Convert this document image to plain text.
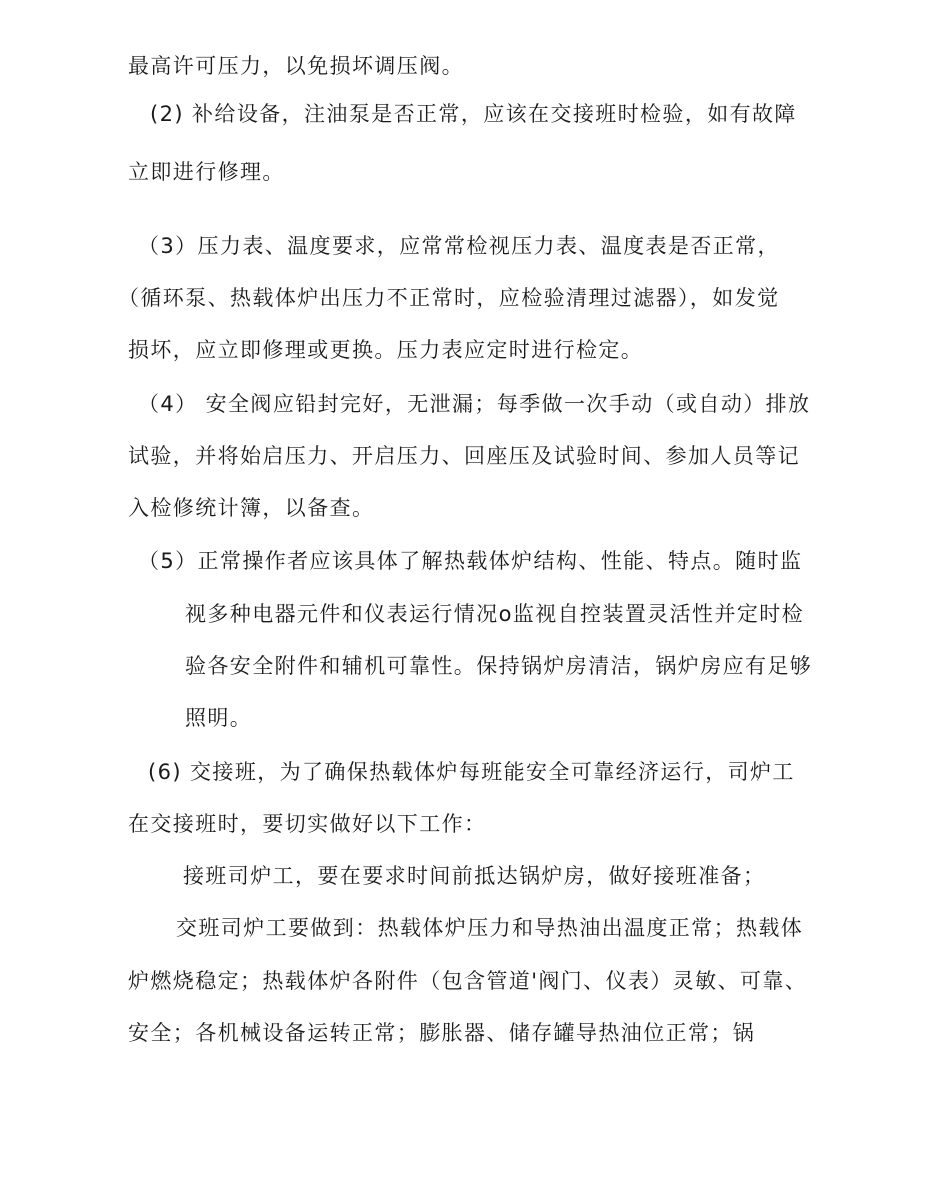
最高许可压力，以免损坏调压阀。
(2) 补给设备，注油泵是否正常，应该在交接班时检验，如有故障
立即进行修理。
（3）压力表、温度要求，应常常检视压力表、温度表是否正常，
（循环泵、热载体炉出压力不正常时，应检验清理过滤器），如发觉
损坏，应立即修理或更换。压力表应定时进行检定。
（4） 安全阀应铅封完好，无泄漏；每季做一次手动（或自动）排放
试验，并将始启压力、开启压力、回座压及试验时间、参加人员等记
入检修统计簿，以备查。
（5）正常操作者应该具体了解热载体炉结构、性能、特点。随时监
视多种电器元件和仪表运行情况o监视自控装置灵活性并定时检
验各安全附件和辅机可靠性。保持锅炉房清洁，锅炉房应有足够
照明。
(6) 交接班，为了确保热载体炉每班能安全可靠经济运行，司炉工
在交接班时，要切实做好以下工作：
接班司炉工，要在要求时间前抵达锅炉房，做好接班准备；
交班司炉工要做到：热载体炉压力和导热油出温度正常；热载体
炉燃烧稳定；热载体炉各附件（包含管道'阀门、仪表）灵敏、可靠、
安全；各机械设备运转正常；膨胀器、储存罐导热油位正常；锅
